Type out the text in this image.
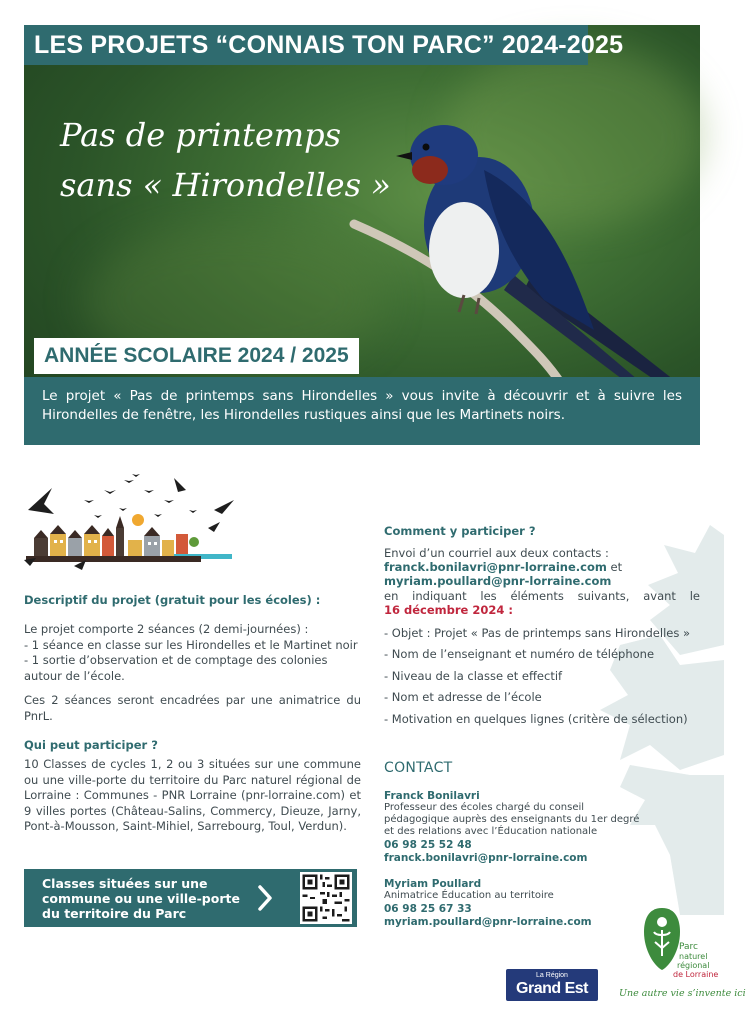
LES PROJETS “CONNAIS TON PARC” 2024-2025
Pas de printemps
sans « Hirondelles »
ANNÉE SCOLAIRE 2024 / 2025
Le projet « Pas de printemps sans Hirondelles » vous invite à découvrir et à suivre les Hirondelles de fenêtre, les Hirondelles rustiques ainsi que les Martinets noirs.
Descriptif du projet (gratuit pour les écoles) :
Le projet comporte 2 séances (2 demi-journées) :
- 1 séance en classe sur les Hirondelles et le Martinet noir
- 1 sortie d’observation et de comptage des colonies
autour de l’école.
Ces 2 séances seront encadrées par une animatrice du PnrL.
Qui peut participer ?
10 Classes de cycles 1, 2 ou 3 situées sur une commune ou une ville-porte du territoire du Parc naturel régional de Lorraine : Communes - PNR Lorraine (pnr-lorraine.com) et 9 villes portes (Château-Salins, Commercy, Dieuze, Jarny, Pont-à-Mousson, Saint-Mihiel, Sarrebourg, Toul, Verdun).
Classes situées sur une
commune ou une ville-porte
du territoire du Parc
Comment y participer ?
Envoi d’un courriel aux deux contacts :
franck.bonilavri@pnr-lorraine.com et
myriam.poullard@pnr-lorraine.com
en indiquant les éléments suivants, avant le
16 décembre 2024 :
- Objet : Projet « Pas de printemps sans Hirondelles »
- Nom de l’enseignant et numéro de téléphone
- Niveau de la classe et effectif
- Nom et adresse de l’école
- Motivation en quelques lignes (critère de sélection)
CONTACT
Franck Bonilavri
Professeur des écoles chargé du conseil
pédagogique auprès des enseignants du 1er degré
et des relations avec l’Éducation nationale
06 98 25 52 48
franck.bonilavri@pnr-lorraine.com
Myriam Poullard
Animatrice Éducation au territoire
06 98 25 67 33
myriam.poullard@pnr-lorraine.com
La Région
Grand Est
Parc
naturel
régional
de Lorraine
Une autre vie s’invente ici
